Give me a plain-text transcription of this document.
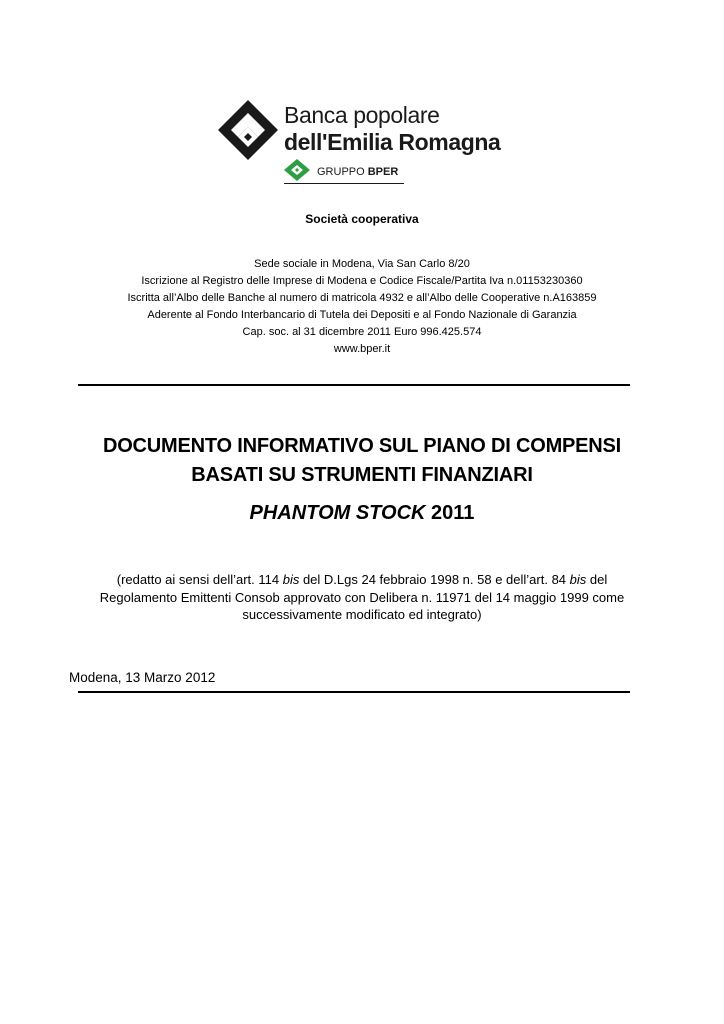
Banca popolare
dell'Emilia Romagna
GRUPPO BPER
Società cooperativa
Sede sociale in Modena, Via San Carlo 8/20
Iscrizione al Registro delle Imprese di Modena e Codice Fiscale/Partita Iva n.01153230360
Iscritta all’Albo delle Banche al numero di matricola 4932 e all’Albo delle Cooperative n.A163859
Aderente al Fondo Interbancario di Tutela dei Depositi e al Fondo Nazionale di Garanzia
Cap. soc. al 31 dicembre 2011 Euro 996.425.574
www.bper.it
DOCUMENTO INFORMATIVO SUL PIANO DI COMPENSI
BASATI SU STRUMENTI FINANZIARI
PHANTOM STOCK 2011
(redatto ai sensi dell’art. 114 bis del D.Lgs 24 febbraio 1998 n. 58 e dell’art. 84 bis del Regolamento Emittenti Consob approvato con Delibera n. 11971 del 14 maggio 1999 come successivamente modificato ed integrato)
Modena, 13 Marzo 2012
